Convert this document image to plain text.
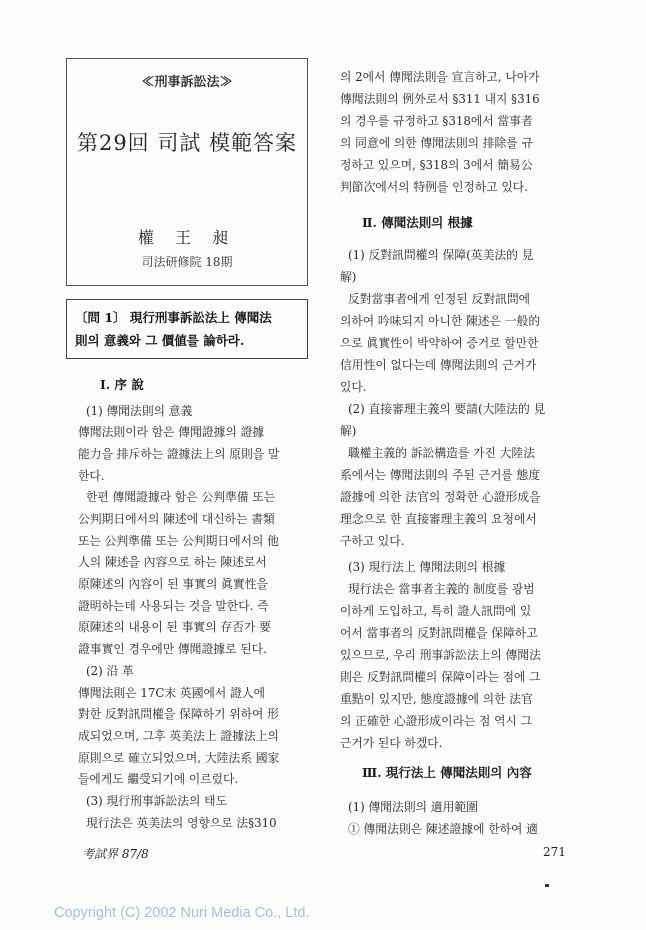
≪刑事訴訟法≫
第29回 司試 模範答案
權 王 昶
司法研修院 18期
〔問 1〕 現行刑事訴訟法上 傳聞法
則의 意義와 그 價値를 論하라.
Ⅰ. 序 說
(1) 傳聞法則의 意義
傳聞法則이라 함은 傳聞證據의 證據
能力을 排斥하는 證據法上의 原則을 말
한다.
한편 傳聞證據라 함은 公判準備 또는
公判期日에서의 陳述에 대신하는 書類
또는 公判準備 또는 公判期日에서의 他
人의 陳述을 內容으로 하는 陳述로서
原陳述의 內容이 된 事實의 眞實性을
證明하는데 사용되는 것을 말한다. 즉
原陳述의 내용이 된 事實의 存否가 要
證事實인 경우에만 傳聞證據로 된다.
(2) 沿 革
傳聞法則은 17C末 英國에서 證人에
對한 反對訊問權을 保障하기 위하여 形
成되었으며, 그후 英美法上 證據法上의
原則으로 確立되었으며, 大陸法系 國家
들에게도 繼受되기에 이르렀다.
(3) 現行刑事訴訟法의 태도
現行法은 英美法의 영향으로 法§310
의 2에서 傳聞法則을 宣言하고, 나아가
傳聞法則의 例外로서 §311 내지 §316
의 경우를 규정하고 §318에서 當事者
의 同意에 의한 傳聞法則의 排除를 규
정하고 있으며, §318의 3에서 簡易公
判節次에서의 特例를 인정하고 있다.
Ⅱ. 傳聞法則의 根據
(1) 反對訊問權의 保障(英美法的 見
解)
反對當事者에게 인정된 反對訊問에
의하여 吟味되지 아니한 陳述은 一般的
으로 眞實性이 박약하여 증거로 할만한
信用性이 없다는데 傳聞法則의 근거가
있다.
(2) 直接審理主義의 要請(大陸法的 見
解)
職權主義的 訴訟構造를 가진 大陸法
系에서는 傳聞法則의 주된 근거를 態度
證據에 의한 法官의 정확한 心證形成을
理念으로 한 直接審理主義의 요청에서
구하고 있다.
(3) 現行法上 傳聞法則의 根據
現行法은 當事者主義的 制度를 광범
이하게 도입하고, 특히 證人訊問에 있
어서 當事者의 反對訊問權을 保障하고
있으므로, 우리 刑事訴訟法上의 傳聞法
則은 反對訊問權의 保障이라는 점에 그
重點이 있지만, 態度證據에 의한 法官
의 正確한 心證形成이라는 점 역시 그
근거가 된다 하겠다.
Ⅲ. 現行法上 傳聞法則의 內容
(1) 傳聞法則의 適用範圍
① 傳聞法則은 陳述證據에 한하여 適
考試界 87/8	271
Copyright (C) 2002 Nuri Media Co., Ltd.
